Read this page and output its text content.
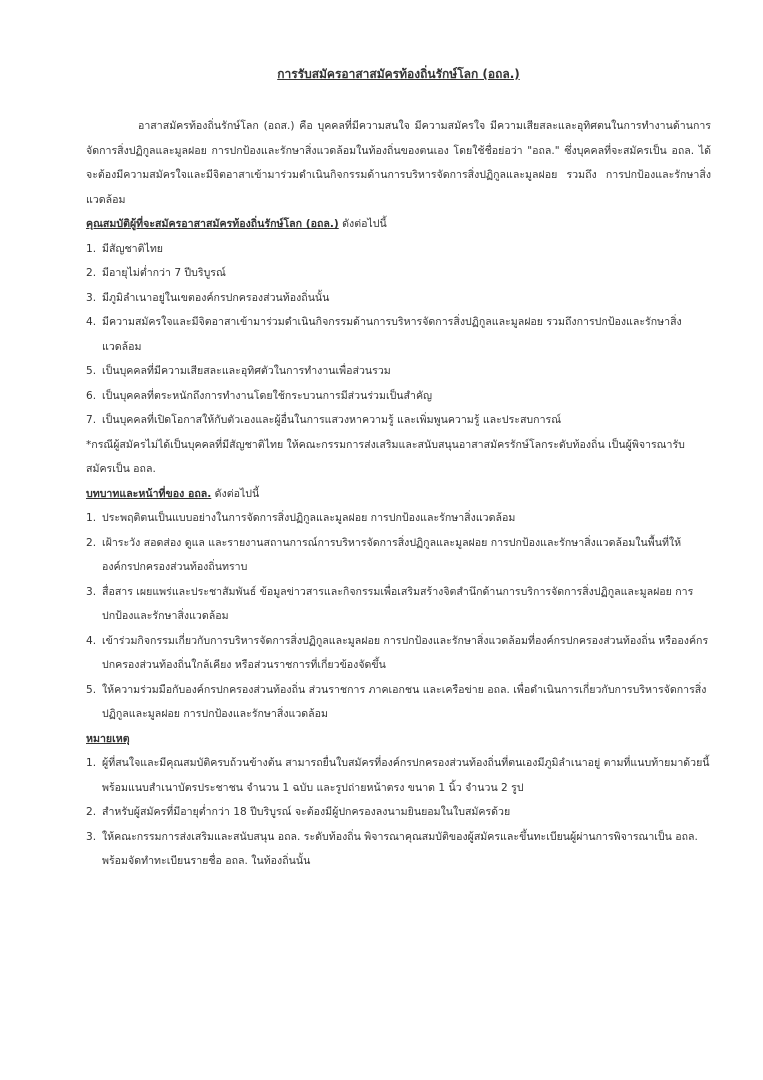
การรับสมัครอาสาสมัครท้องถิ่นรักษ์โลก (อถล.)

อาสาสมัครท้องถิ่นรักษ์โลก (อถส.) คือ บุคคลที่มีความสนใจ มีความสมัครใจ มีความเสียสละและอุทิศตนในการทำงานด้านการจัดการสิ่งปฏิกูลและมูลฝอย การปกป้องและรักษาสิ่งแวดล้อมในท้องถิ่นของตนเอง โดยใช้ชื่อย่อว่า "อถล." ซึ่งบุคคลที่จะสมัครเป็น อถล. ได้จะต้องมีความสมัครใจและมีจิตอาสาเข้ามาร่วมดำเนินกิจกรรมด้านการบริหารจัดการสิ่งปฏิกูลและมูลฝอย รวมถึง การปกป้องและรักษาสิ่งแวดล้อม

คุณสมบัติผู้ที่จะสมัครอาสาสมัครท้องถิ่นรักษ์โลก (อถล.) ดังต่อไปนี้

1. มีสัญชาติไทย
2. มีอายุไม่ต่ำกว่า 7 ปีบริบูรณ์
3. มีภูมิลำเนาอยู่ในเขตองค์กรปกครองส่วนท้องถิ่นนั้น
4. มีความสมัครใจและมีจิตอาสาเข้ามาร่วมดำเนินกิจกรรมด้านการบริหารจัดการสิ่งปฏิกูลและมูลฝอย รวมถึงการปกป้องและรักษาสิ่งแวดล้อม
5. เป็นบุคคลที่มีความเสียสละและอุทิศตัวในการทำงานเพื่อส่วนรวม
6. เป็นบุคคลที่ตระหนักถึงการทำงานโดยใช้กระบวนการมีส่วนร่วมเป็นสำคัญ
7. เป็นบุคคลที่เปิดโอกาสให้กับตัวเองและผู้อื่นในการแสวงหาความรู้ และเพิ่มพูนความรู้ และประสบการณ์

*กรณีผู้สมัครไม่ได้เป็นบุคคลที่มีสัญชาติไทย ให้คณะกรรมการส่งเสริมและสนับสนุนอาสาสมัครรักษ์โลกระดับท้องถิ่น เป็นผู้พิจารณารับสมัครเป็น อถล.

บทบาทและหน้าที่ของ อถล. ดังต่อไปนี้

1. ประพฤติตนเป็นแบบอย่างในการจัดการสิ่งปฏิกูลและมูลฝอย การปกป้องและรักษาสิ่งแวดล้อม
2. เฝ้าระวัง สอดส่อง ดูแล และรายงานสถานการณ์การบริหารจัดการสิ่งปฏิกูลและมูลฝอย การปกป้องและรักษาสิ่งแวดล้อมในพื้นที่ให้องค์กรปกครองส่วนท้องถิ่นทราบ
3. สื่อสาร เผยแพร่และประชาสัมพันธ์ ข้อมูลข่าวสารและกิจกรรมเพื่อเสริมสร้างจิตสำนึกด้านการบริการจัดการสิ่งปฏิกูลและมูลฝอย การปกป้องและรักษาสิ่งแวดล้อม
4. เข้าร่วมกิจกรรมเกี่ยวกับการบริหารจัดการสิ่งปฏิกูลและมูลฝอย การปกป้องและรักษาสิ่งแวดล้อมที่องค์กรปกครองส่วนท้องถิ่น หรือองค์กรปกครองส่วนท้องถิ่นใกล้เคียง หรือส่วนราชการที่เกี่ยวข้องจัดขึ้น
5. ให้ความร่วมมือกับองค์กรปกครองส่วนท้องถิ่น ส่วนราชการ ภาคเอกชน และเครือข่าย อถล. เพื่อดำเนินการเกี่ยวกับการบริหารจัดการสิ่งปฏิกูลและมูลฝอย การปกป้องและรักษาสิ่งแวดล้อม

หมายเหตุ

1. ผู้ที่สนใจและมีคุณสมบัติครบถ้วนข้างต้น สามารถยื่นใบสมัครที่องค์กรปกครองส่วนท้องถิ่นที่ตนเองมีภูมิลำเนาอยู่ ตามที่แนบท้ายมาด้วยนี้ พร้อมแนบสำเนาบัตรประชาชน จำนวน 1 ฉบับ และรูปถ่ายหน้าตรง ขนาด 1 นิ้ว จำนวน 2 รูป
2. สำหรับผู้สมัครที่มีอายุต่ำกว่า 18 ปีบริบูรณ์ จะต้องมีผู้ปกครองลงนามยินยอมในใบสมัครด้วย
3. ให้คณะกรรมการส่งเสริมและสนับสนุน อถล. ระดับท้องถิ่น พิจารณาคุณสมบัติของผู้สมัครและขึ้นทะเบียนผู้ผ่านการพิจารณาเป็น อถล. พร้อมจัดทำทะเบียนรายชื่อ อถล. ในท้องถิ่นนั้น
